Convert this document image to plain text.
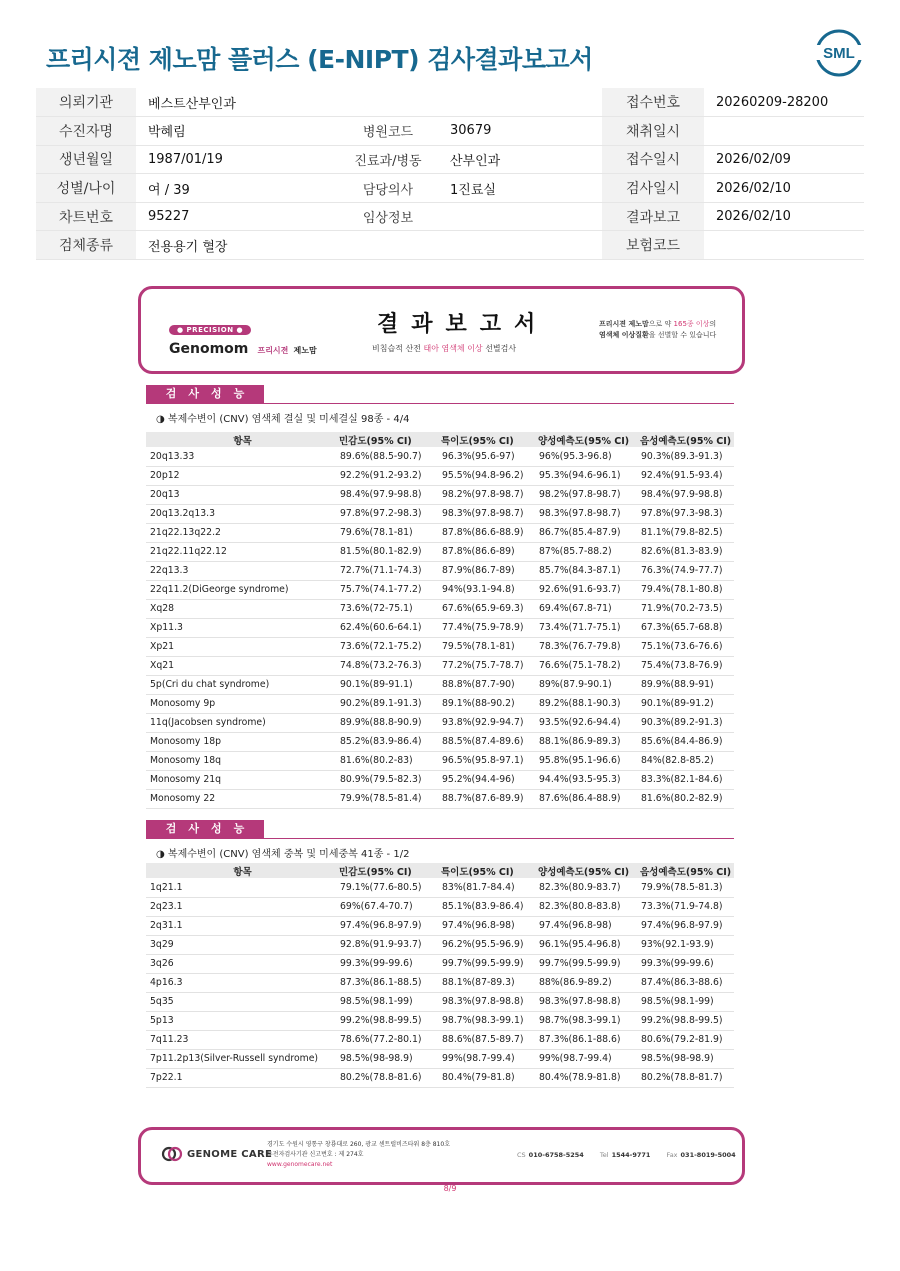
프리시젼 제노맘 플러스 (E-NIPT) 검사결과보고서	SML
의뢰기관	베스트산부인과			접수번호	20260209-28200
수진자명	박혜림	병원코드	30679	채취일시	
생년월일	1987/01/19	진료과/병동	산부인과	접수일시	2026/02/09
성별/나이	여 / 39	담당의사	1진료실	검사일시	2026/02/10
차트번호	95227	임상정보		결과보고	2026/02/10
검체종류	전용용기 혈장			보험코드	
● PRECISION ●
Genomom 프리시젼 제노맘
결과보고서
비침습적 산전 태아 염색체 이상 선별검사
프리시젼 제노맘으로 약 165종 이상의
염색체 이상질환을 선별할 수 있습니다
검사성능
◑ 복제수변이 (CNV) 염색체 결실 및 미세결실 98종 - 4/4
항목	민감도(95% CI)	특이도(95% CI)	양성예측도(95% CI)	음성예측도(95% CI)
20q13.33	89.6%(88.5-90.7)	96.3%(95.6-97)	96%(95.3-96.8)	90.3%(89.3-91.3)
20p12	92.2%(91.2-93.2)	95.5%(94.8-96.2)	95.3%(94.6-96.1)	92.4%(91.5-93.4)
20q13	98.4%(97.9-98.8)	98.2%(97.8-98.7)	98.2%(97.8-98.7)	98.4%(97.9-98.8)
20q13.2q13.3	97.8%(97.2-98.3)	98.3%(97.8-98.7)	98.3%(97.8-98.7)	97.8%(97.3-98.3)
21q22.13q22.2	79.6%(78.1-81)	87.8%(86.6-88.9)	86.7%(85.4-87.9)	81.1%(79.8-82.5)
21q22.11q22.12	81.5%(80.1-82.9)	87.8%(86.6-89)	87%(85.7-88.2)	82.6%(81.3-83.9)
22q13.3	72.7%(71.1-74.3)	87.9%(86.7-89)	85.7%(84.3-87.1)	76.3%(74.9-77.7)
22q11.2(DiGeorge syndrome)	75.7%(74.1-77.2)	94%(93.1-94.8)	92.6%(91.6-93.7)	79.4%(78.1-80.8)
Xq28	73.6%(72-75.1)	67.6%(65.9-69.3)	69.4%(67.8-71)	71.9%(70.2-73.5)
Xp11.3	62.4%(60.6-64.1)	77.4%(75.9-78.9)	73.4%(71.7-75.1)	67.3%(65.7-68.8)
Xp21	73.6%(72.1-75.2)	79.5%(78.1-81)	78.3%(76.7-79.8)	75.1%(73.6-76.6)
Xq21	74.8%(73.2-76.3)	77.2%(75.7-78.7)	76.6%(75.1-78.2)	75.4%(73.8-76.9)
5p(Cri du chat syndrome)	90.1%(89-91.1)	88.8%(87.7-90)	89%(87.9-90.1)	89.9%(88.9-91)
Monosomy 9p	90.2%(89.1-91.3)	89.1%(88-90.2)	89.2%(88.1-90.3)	90.1%(89-91.2)
11q(Jacobsen syndrome)	89.9%(88.8-90.9)	93.8%(92.9-94.7)	93.5%(92.6-94.4)	90.3%(89.2-91.3)
Monosomy 18p	85.2%(83.9-86.4)	88.5%(87.4-89.6)	88.1%(86.9-89.3)	85.6%(84.4-86.9)
Monosomy 18q	81.6%(80.2-83)	96.5%(95.8-97.1)	95.8%(95.1-96.6)	84%(82.8-85.2)
Monosomy 21q	80.9%(79.5-82.3)	95.2%(94.4-96)	94.4%(93.5-95.3)	83.3%(82.1-84.6)
Monosomy 22	79.9%(78.5-81.4)	88.7%(87.6-89.9)	87.6%(86.4-88.9)	81.6%(80.2-82.9)
검사성능
◑ 복제수변이 (CNV) 염색체 중복 및 미세중복 41종 - 1/2
항목	민감도(95% CI)	특이도(95% CI)	양성예측도(95% CI)	음성예측도(95% CI)
1q21.1	79.1%(77.6-80.5)	83%(81.7-84.4)	82.3%(80.9-83.7)	79.9%(78.5-81.3)
2q23.1	69%(67.4-70.7)	85.1%(83.9-86.4)	82.3%(80.8-83.8)	73.3%(71.9-74.8)
2q31.1	97.4%(96.8-97.9)	97.4%(96.8-98)	97.4%(96.8-98)	97.4%(96.8-97.9)
3q29	92.8%(91.9-93.7)	96.2%(95.5-96.9)	96.1%(95.4-96.8)	93%(92.1-93.9)
3q26	99.3%(99-99.6)	99.7%(99.5-99.9)	99.7%(99.5-99.9)	99.3%(99-99.6)
4p16.3	87.3%(86.1-88.5)	88.1%(87-89.3)	88%(86.9-89.2)	87.4%(86.3-88.6)
5q35	98.5%(98.1-99)	98.3%(97.8-98.8)	98.3%(97.8-98.8)	98.5%(98.1-99)
5p13	99.2%(98.8-99.5)	98.7%(98.3-99.1)	98.7%(98.3-99.1)	99.2%(98.8-99.5)
7q11.23	78.6%(77.2-80.1)	88.6%(87.5-89.7)	87.3%(86.1-88.6)	80.6%(79.2-81.9)
7p11.2p13(Silver-Russell syndrome)	98.5%(98-98.9)	99%(98.7-99.4)	99%(98.7-99.4)	98.5%(98-98.9)
7p22.1	80.2%(78.8-81.6)	80.4%(79-81.8)	80.4%(78.9-81.8)	80.2%(78.8-81.7)
GENOME CARE
경기도 수원시 영통구 창룡대로 260, 광교 센트럴비즈타워 8층 810호
유전자검사기관 신고번호 : 제 274호
www.genomecare.net
CS 010-6758-5254 Tel 1544-9771 Fax 031-8019-5004
8/9
